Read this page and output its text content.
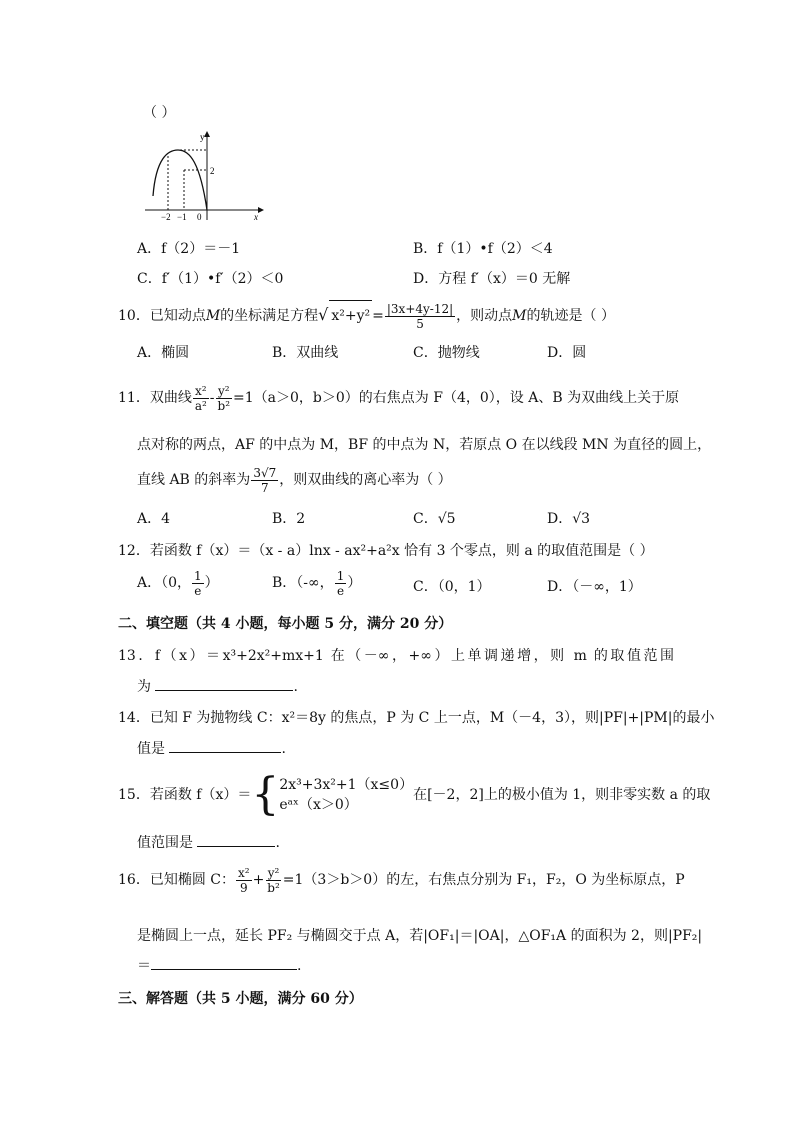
（ ）
y
x
2
−2 −1 0
A．f（2）＝－1	B．f（1）•f（2）＜4
C．f′（1）•f′（2）＜0	D．方程 f′（x）＝0 无解
10．已知动点M的坐标满足方程√ $x^2+y^2 = \frac{|3x+4y-12|}{5}$ ，则动点M的轨迹是（ ）
A．椭圆	B．双曲线	C．抛物线	D．圆
11．双曲线 $\frac{\text{x²}}{\text{a²}} - \frac{\text{y²}}{\text{b²}} =1(a>0$，b＞0）的右焦点为 F（4，0），设 A、B 为双曲线上关于原
点对称的两点，AF 的中点为 M，BF 的中点为 N，若原点 O 在以线段 MN 为直径的圆上，
直线 AB 的斜率为 $\frac{3√7}{7}$ ，则双曲线的离心率为（ ）
A．4	B．2	C．√5	D．√3
12．若函数 f（x）＝（x - a）lnx - ax²+a²x 恰有 3 个零点，则 a 的取值范围是（ ）
A．（0， $\frac{1}{e}$ ）	B．（-∞， $\frac{1}{e}$ ）	C．（0，1）	D．（－∞，1）
二、填空题（共 4 小题，每小题 5 分，满分 20 分）
13．f（x）＝x³+2x²+mx+1 在（－∞，+∞）上单调递增，则 m 的取值范围
为	.
14．已知 F 为抛物线 C：x²＝8y 的焦点，P 为 C 上一点，M（－4，3），则|PF|+|PM|的最小
值是	.
15．若函数 f（x）＝{ 2x³+3x²+1（x≤0）
eᵃˣ（x＞0）
在[－2，2]上的极小值为 1，则非零实数 a 的取
值范围是	.
16．已知椭圆 C： $\frac{\text{x²}}{9} + \frac{\text{y²}}{\text{b²}} =1(3>b>0)$的左，右焦点分别为 F₁，F₂，O 为坐标原点，P
是椭圆上一点，延长 PF₂ 与椭圆交于点 A，若|OF₁|＝|OA|，△OF₁A 的面积为 2，则|PF₂|
＝	.
三、解答题（共 5 小题，满分 60 分）
